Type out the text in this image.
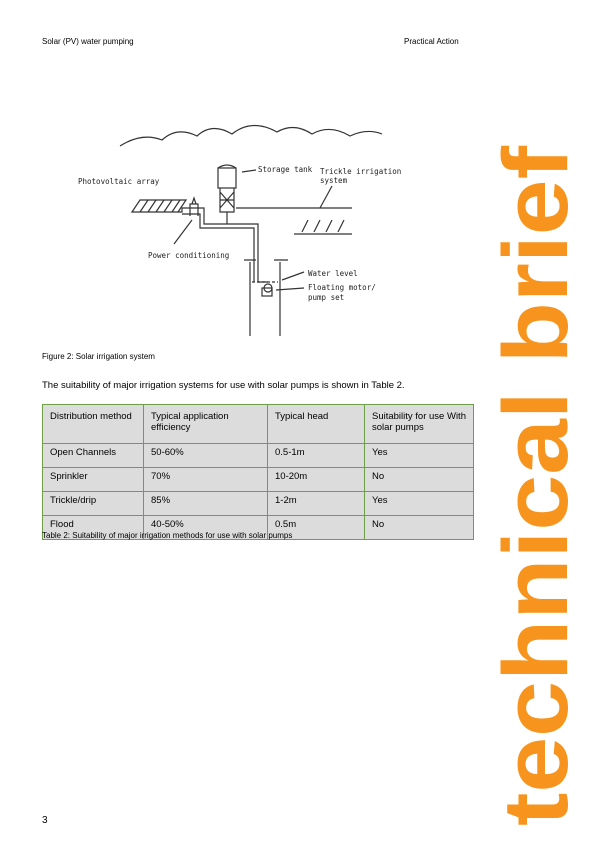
Solar (PV) water pumping	Practical Action
Photovoltaic array
Storage tank Trickle irrigation
system
Power conditioning
Water level
Floating motor/
pump set
Figure 2: Solar irrigation system
The suitability of major irrigation systems for use with solar pumps is shown in Table 2.
Distribution method	Typical application efficiency	Typical head	Suitability for use With solar pumps
Open Channels	50-60%	0.5-1m	Yes
Sprinkler	70%	10-20m	No
Trickle/drip	85%	1-2m	Yes
Flood	40-50%	0.5m	No
Table 2: Suitability of major irrigation methods for use with solar pumps
3	technical brief
